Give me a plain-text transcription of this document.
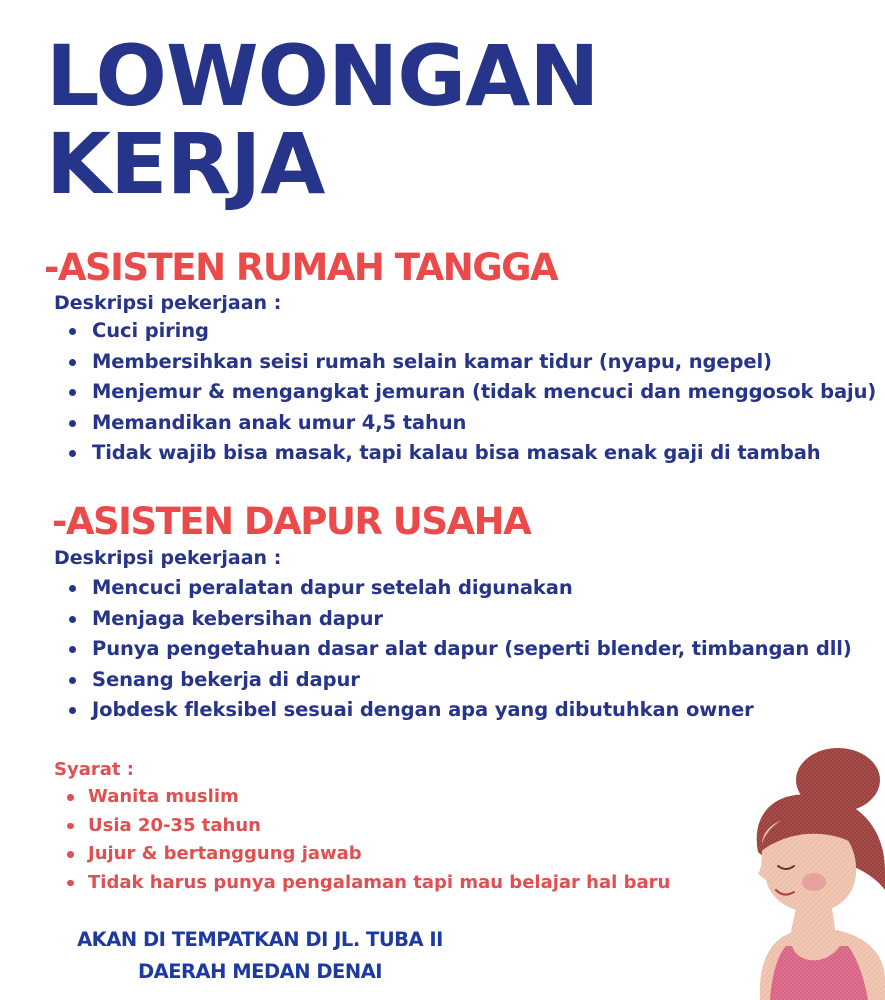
LOWONGAN
KERJA
-ASISTEN RUMAH TANGGA
Deskripsi pekerjaan :
Cuci piring
Membersihkan seisi rumah selain kamar tidur (nyapu, ngepel)
Menjemur & mengangkat jemuran (tidak mencuci dan menggosok baju)
Memandikan anak umur 4,5 tahun
Tidak wajib bisa masak, tapi kalau bisa masak enak gaji di tambah
-ASISTEN DAPUR USAHA
Deskripsi pekerjaan :
Mencuci peralatan dapur setelah digunakan
Menjaga kebersihan dapur
Punya pengetahuan dasar alat dapur (seperti blender, timbangan dll)
Senang bekerja di dapur
Jobdesk fleksibel sesuai dengan apa yang dibutuhkan owner
Syarat :
Wanita muslim
Usia 20-35 tahun
Jujur & bertanggung jawab
Tidak harus punya pengalaman tapi mau belajar hal baru
AKAN DI TEMPATKAN DI JL. TUBA II
DAERAH MEDAN DENAI
